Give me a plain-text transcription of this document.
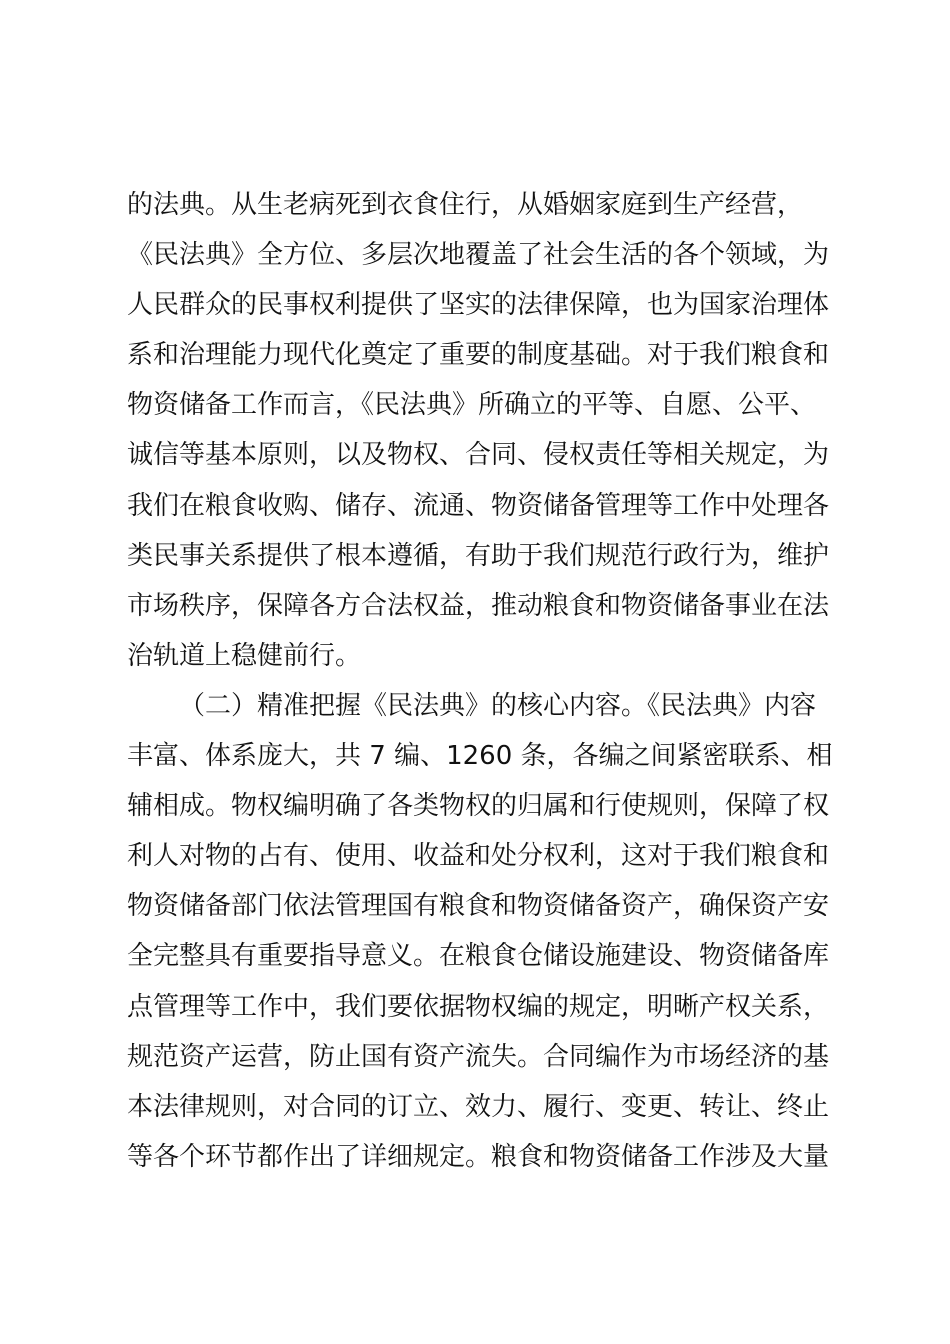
的法典。从生老病死到衣食住行，从婚姻家庭到生产经营，
《民法典》全方位、多层次地覆盖了社会生活的各个领域，为
人民群众的民事权利提供了坚实的法律保障，也为国家治理体
系和治理能力现代化奠定了重要的制度基础。对于我们粮食和
物资储备工作而言，《民法典》所确立的平等、自愿、公平、
诚信等基本原则，以及物权、合同、侵权责任等相关规定，为
我们在粮食收购、储存、流通、物资储备管理等工作中处理各
类民事关系提供了根本遵循，有助于我们规范行政行为，维护
市场秩序，保障各方合法权益，推动粮食和物资储备事业在法
治轨道上稳健前行。
（二）精准把握《民法典》的核心内容。《民法典》内容
丰富、体系庞大，共 7 编、1260 条，各编之间紧密联系、相
辅相成。物权编明确了各类物权的归属和行使规则，保障了权
利人对物的占有、使用、收益和处分权利，这对于我们粮食和
物资储备部门依法管理国有粮食和物资储备资产，确保资产安
全完整具有重要指导意义。在粮食仓储设施建设、物资储备库
点管理等工作中，我们要依据物权编的规定，明晰产权关系，
规范资产运营，防止国有资产流失。合同编作为市场经济的基
本法律规则，对合同的订立、效力、履行、变更、转让、终止
等各个环节都作出了详细规定。粮食和物资储备工作涉及大量
